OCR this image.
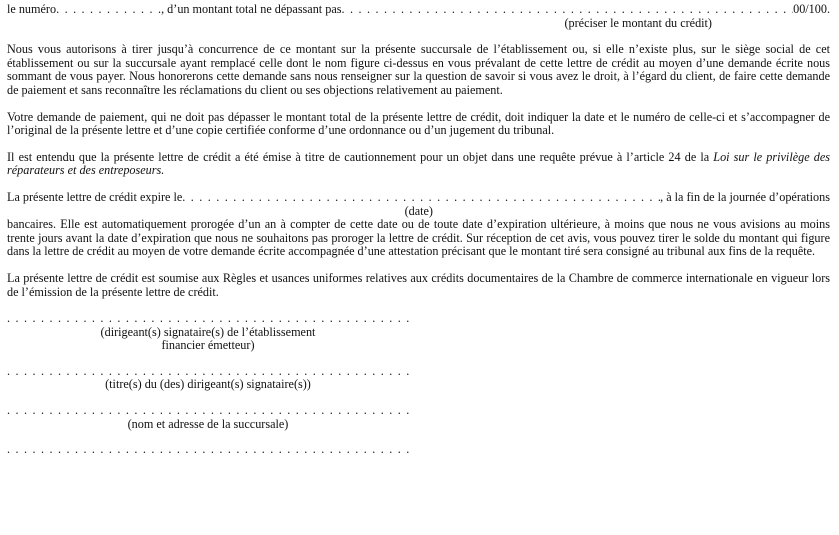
le numéro . . .	, d’un montant total ne dépassant pas . . .	00/100.
(préciser le montant du crédit)

Nous vous autorisons à tirer jusqu’à concurrence de ce montant sur la présente succursale de l’établissement ou, si elle n’existe plus, sur le siège social de cet établissement ou sur la succursale ayant remplacé celle dont le nom figure ci-dessus en vous prévalant de cette lettre de crédit au moyen d’une demande écrite nous sommant de vous payer. Nous honorerons cette demande sans nous renseigner sur la question de savoir si vous avez le droit, à l’égard du client, de faire cette demande de paiement et sans reconnaître les réclamations du client ou ses objections relativement au paiement.

Votre demande de paiement, qui ne doit pas dépasser le montant total de la présente lettre de crédit, doit indiquer la date et le numéro de celle-ci et s’accompagner de l’original de la présente lettre et d’une copie certifiée conforme d’une ordonnance ou d’un jugement du tribunal.

Il est entendu que la présente lettre de crédit a été émise à titre de cautionnement pour un objet dans une requête prévue à l’article 24 de la Loi sur le privilège des réparateurs et des entreposeurs.

La présente lettre de crédit expire le . . .	, à la fin de la journée d’opérations
(date)

bancaires. Elle est automatiquement prorogée d’un an à compter de cette date ou de toute date d’expiration ultérieure, à moins que nous ne vous avisions au moins trente jours avant la date d’expiration que nous ne souhaitons pas proroger la lettre de crédit. Sur réception de cet avis, vous pouvez tirer le solde du montant qui figure dans la lettre de crédit au moyen de votre demande écrite accompagnée d’une attestation précisant que le montant tiré sera consigné au tribunal aux fins de la requête.

La présente lettre de crédit est soumise aux Règles et usances uniformes relatives aux crédits documentaires de la Chambre de commerce internationale en vigueur lors de l’émission de la présente lettre de crédit.

. . .
(dirigeant(s) signataire(s) de l’établissement
financier émetteur)
. . .
(titre(s) du (des) dirigeant(s) signataire(s))
. . .
(nom et adresse de la succursale)
. . .
